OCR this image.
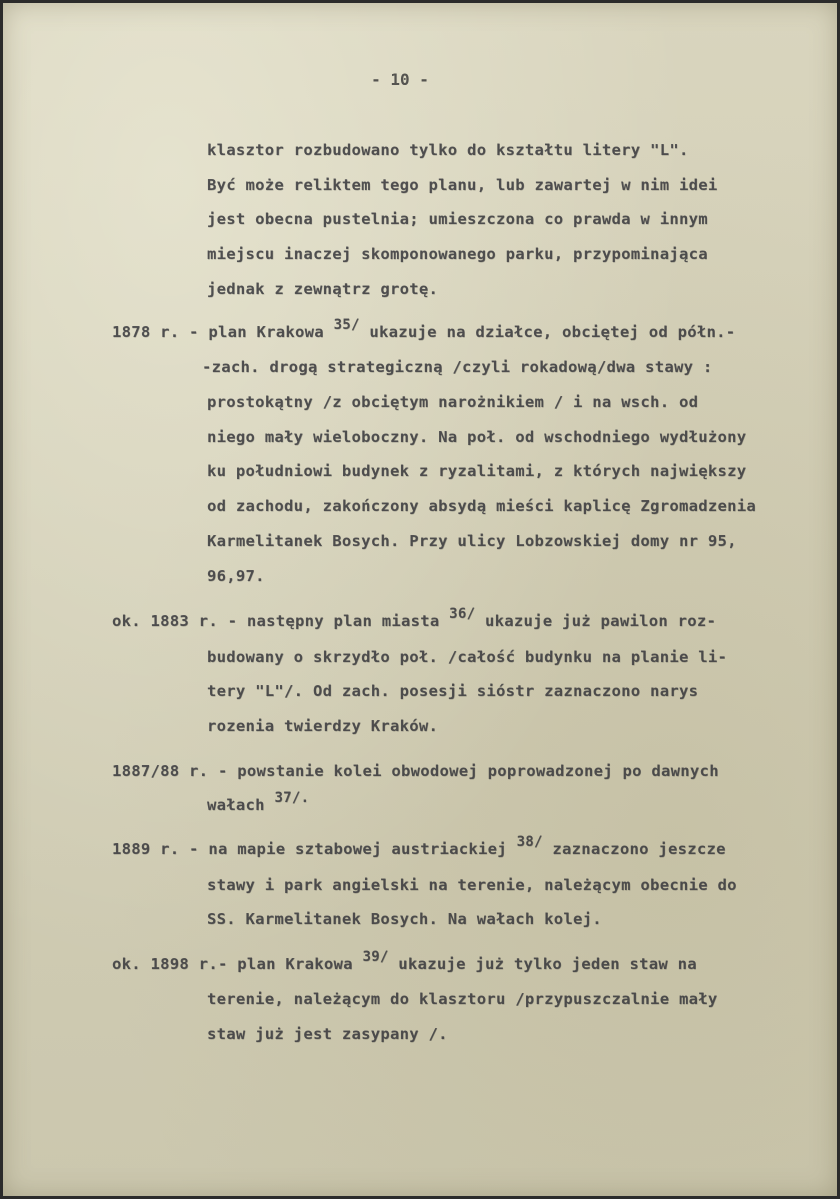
- 10 -
klasztor rozbudowano tylko do kształtu litery "L".
Być może reliktem tego planu, lub zawartej w nim idei
jest obecna pustelnia; umieszczona co prawda w innym
miejscu inaczej skomponowanego parku, przypominająca
jednak z zewnątrz grotę.
1878 r. - plan Krakowa 35/ ukazuje na działce, obciętej od półn.-
-zach. drogą strategiczną /czyli rokadową/dwa stawy :
prostokątny /z obciętym narożnikiem / i na wsch. od
niego mały wieloboczny. Na poł. od wschodniego wydłużony
ku południowi budynek z ryzalitami, z których największy
od zachodu, zakończony absydą mieści kaplicę Zgromadzenia
Karmelitanek Bosych. Przy ulicy Lobzowskiej domy nr 95,
96,97.
ok. 1883 r. - następny plan miasta 36/ ukazuje już pawilon roz-
budowany o skrzydło poł. /całość budynku na planie li-
tery "L"/. Od zach. posesji sióstr zaznaczono narys
rozenia twierdzy Kraków.
1887/88 r. - powstanie kolei obwodowej poprowadzonej po dawnych
wałach 37/.
1889 r. - na mapie sztabowej austriackiej 38/ zaznaczono jeszcze
stawy i park angielski na terenie, należącym obecnie do
SS. Karmelitanek Bosych. Na wałach kolej.
ok. 1898 r.- plan Krakowa 39/ ukazuje już tylko jeden staw na
terenie, należącym do klasztoru /przypuszczalnie mały
staw już jest zasypany /.
